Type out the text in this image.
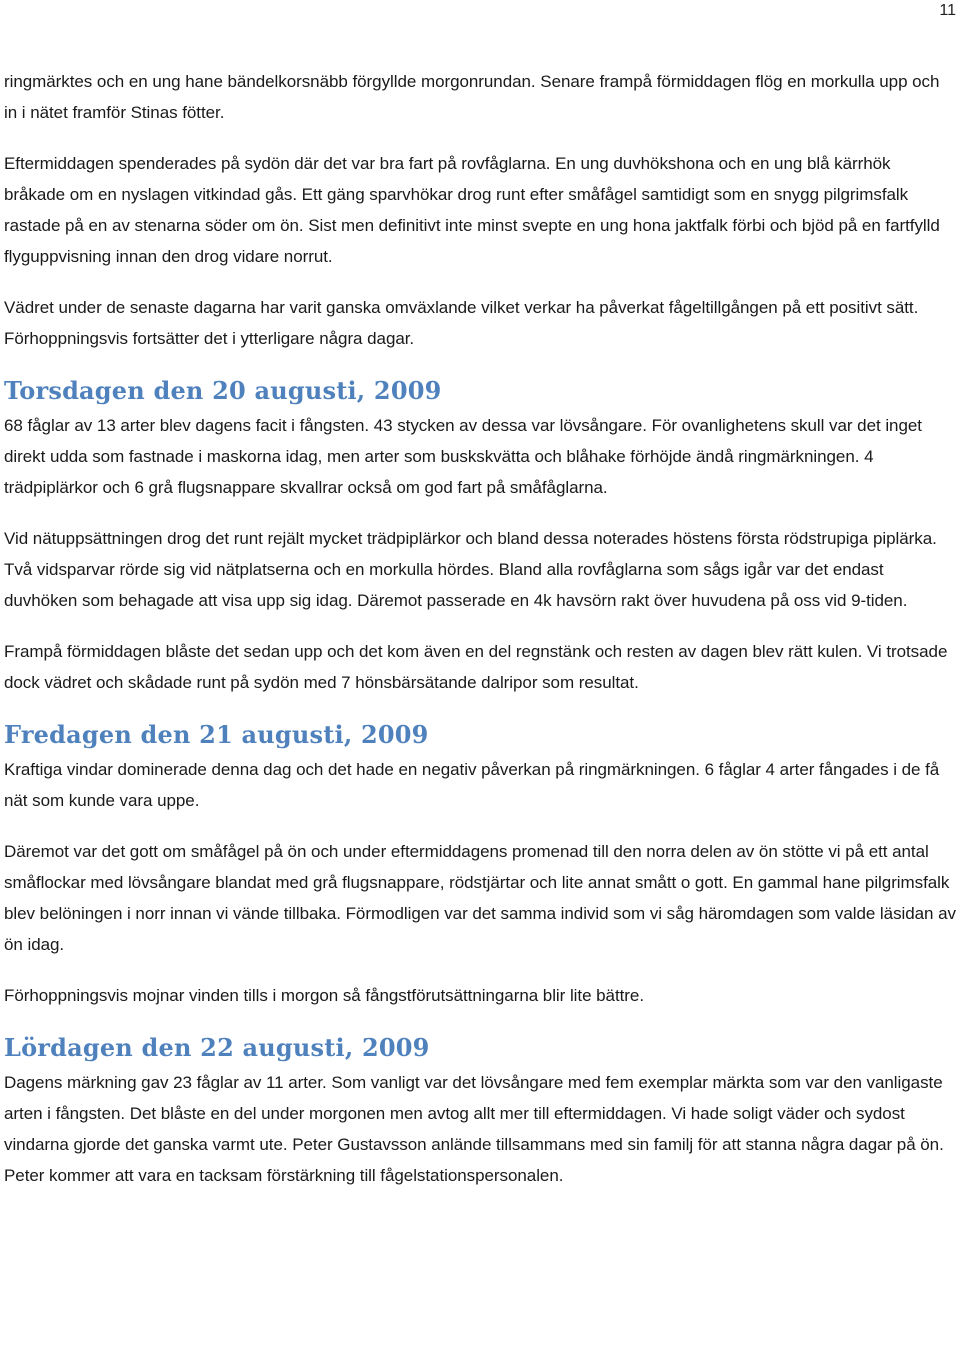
11

ringmärktes och en ung hane bändelkorsnäbb förgyllde morgonrundan. Senare frampå förmiddagen flög en morkulla upp och in i nätet framför Stinas fötter.

Eftermiddagen spenderades på sydön där det var bra fart på rovfåglarna. En ung duvhökshona och en ung blå kärrhök bråkade om en nyslagen vitkindad gås. Ett gäng sparvhökar drog runt efter småfågel samtidigt som en snygg pilgrimsfalk rastade på en av stenarna söder om ön. Sist men definitivt inte minst svepte en ung hona jaktfalk förbi och bjöd på en fartfylld flyguppvisning innan den drog vidare norrut.

Vädret under de senaste dagarna har varit ganska omväxlande vilket verkar ha påverkat fågeltillgången på ett positivt sätt. Förhoppningsvis fortsätter det i ytterligare några dagar.

Torsdagen den 20 augusti, 2009

68 fåglar av 13 arter blev dagens facit i fångsten. 43 stycken av dessa var lövsångare. För ovanlighetens skull var det inget direkt udda som fastnade i maskorna idag, men arter som buskskvätta och blåhake förhöjde ändå ringmärkningen. 4 trädpiplärkor och 6 grå flugsnappare skvallrar också om god fart på småfåglarna.

Vid nätuppsättningen drog det runt rejält mycket trädpiplärkor och bland dessa noterades höstens första rödstrupiga piplärka. Två vidsparvar rörde sig vid nätplatserna och en morkulla hördes. Bland alla rovfåglarna som sågs igår var det endast duvhöken som behagade att visa upp sig idag. Däremot passerade en 4k havsörn rakt över huvudena på oss vid 9-tiden.

Frampå förmiddagen blåste det sedan upp och det kom även en del regnstänk och resten av dagen blev rätt kulen. Vi trotsade dock vädret och skådade runt på sydön med 7 hönsbärsätande dalripor som resultat.

Fredagen den 21 augusti, 2009

Kraftiga vindar dominerade denna dag och det hade en negativ påverkan på ringmärkningen. 6 fåglar 4 arter fångades i de få nät som kunde vara uppe.

Däremot var det gott om småfågel på ön och under eftermiddagens promenad till den norra delen av ön stötte vi på ett antal småflockar med lövsångare blandat med grå flugsnappare, rödstjärtar och lite annat smått o gott. En gammal hane pilgrimsfalk blev belöningen i norr innan vi vände tillbaka. Förmodligen var det samma individ som vi såg häromdagen som valde läsidan av ön idag.

Förhoppningsvis mojnar vinden tills i morgon så fångstförutsättningarna blir lite bättre.

Lördagen den 22 augusti, 2009

Dagens märkning gav 23 fåglar av 11 arter. Som vanligt var det lövsångare med fem exemplar märkta som var den vanligaste arten i fångsten. Det blåste en del under morgonen men avtog allt mer till eftermiddagen. Vi hade soligt väder och sydost vindarna gjorde det ganska varmt ute. Peter Gustavsson anlände tillsammans med sin familj för att stanna några dagar på ön. Peter kommer att vara en tacksam förstärkning till fågelstationspersonalen.
